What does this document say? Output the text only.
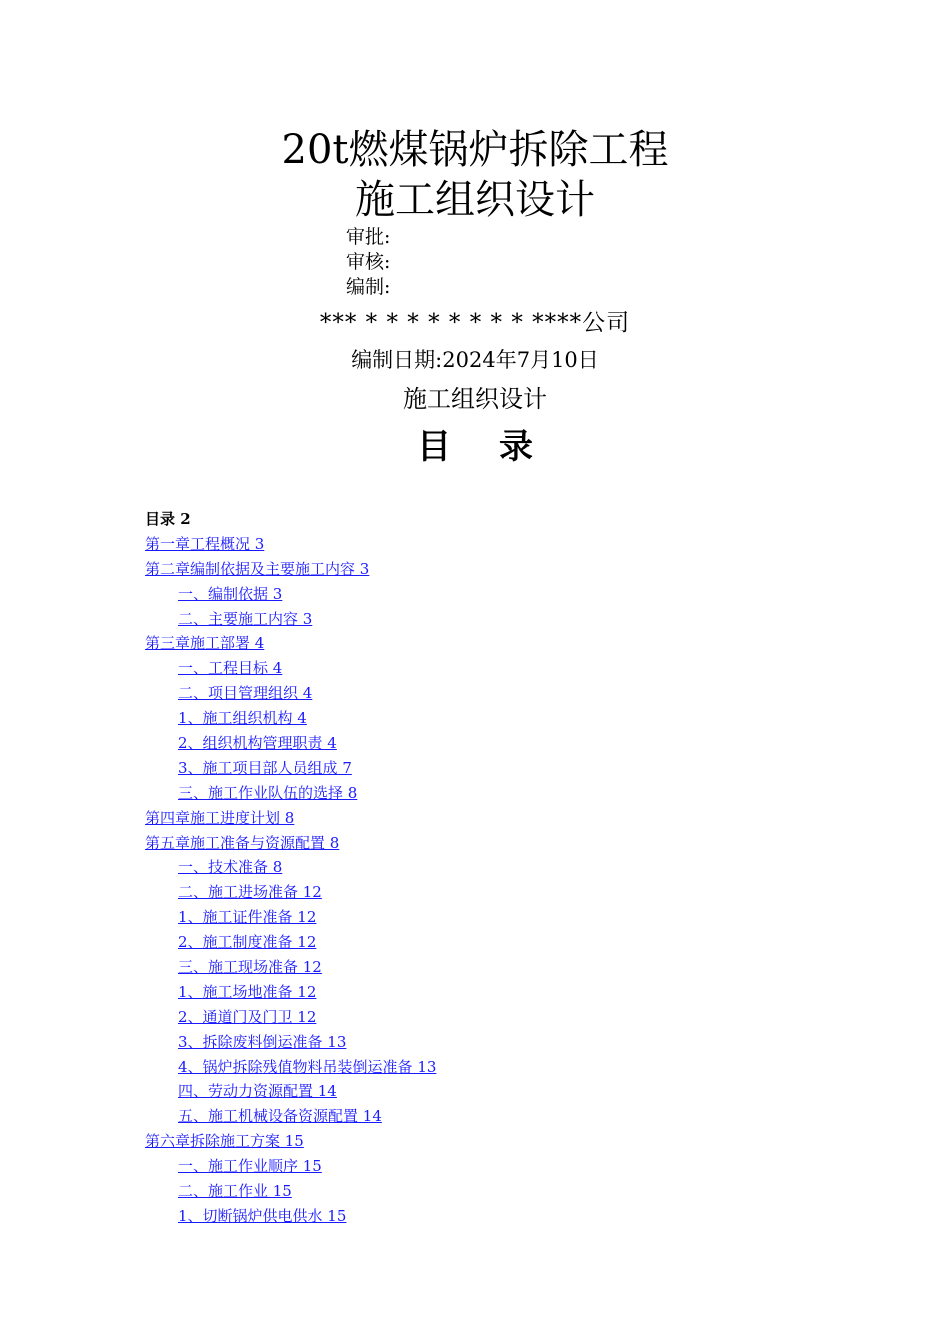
20t燃煤锅炉拆除工程
施工组织设计
审批:
审核:
编制:
*** * * * * * * * * ****公司
编制日期:2024年7月10日
施工组织设计
目录
目录 2
第一章工程概况 3
第二章编制依据及主要施工内容 3
一、编制依据 3
二、主要施工内容 3
第三章施工部署 4
一、工程目标 4
二、项目管理组织 4
1、施工组织机构 4
2、组织机构管理职责 4
3、施工项目部人员组成 7
三、施工作业队伍的选择 8
第四章施工进度计划 8
第五章施工准备与资源配置 8
一、技术准备 8
二、施工进场准备 12
1、施工证件准备 12
2、施工制度准备 12
三、施工现场准备 12
1、施工场地准备 12
2、通道门及门卫 12
3、拆除废料倒运准备 13
4、锅炉拆除残值物料吊装倒运准备 13
四、劳动力资源配置 14
五、施工机械设备资源配置 14
第六章拆除施工方案 15
一、施工作业顺序 15
二、施工作业 15
1、切断锅炉供电供水 15
